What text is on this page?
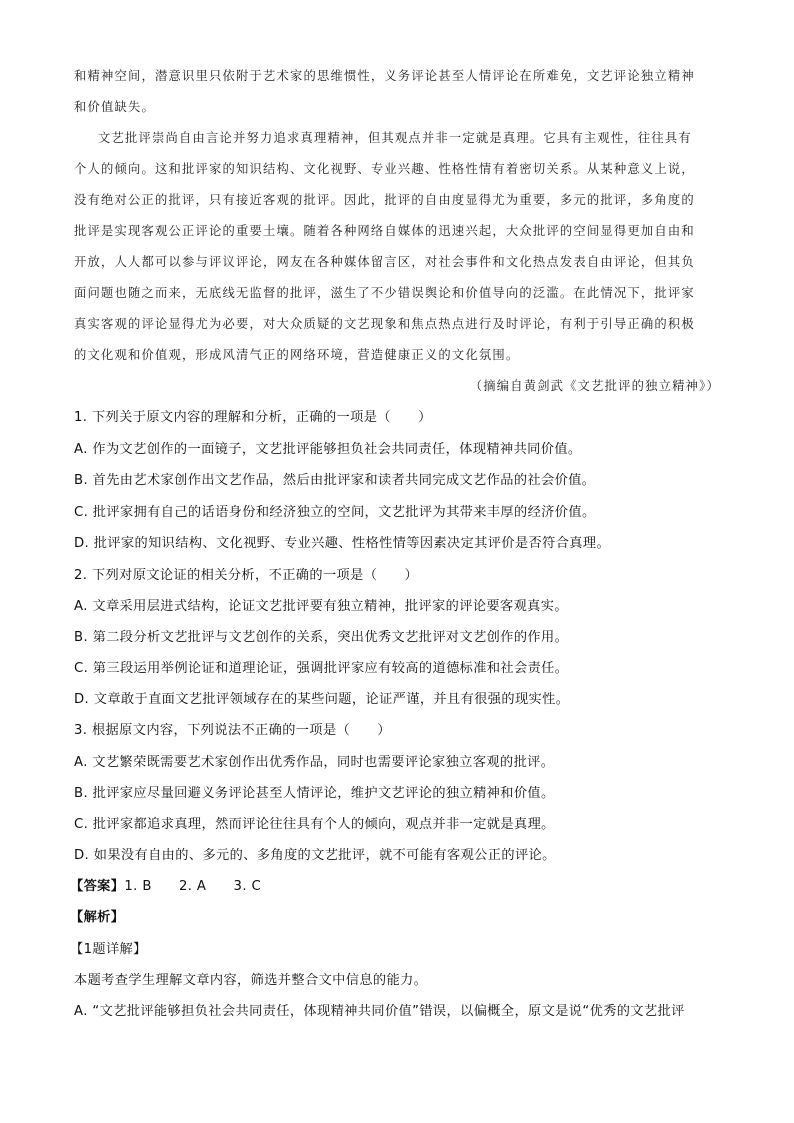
和精神空间，潜意识里只依附于艺术家的思维惯性，义务评论甚至人情评论在所难免，文艺评论独立精神
和价值缺失。
文艺批评崇尚自由言论并努力追求真理精神，但其观点并非一定就是真理。它具有主观性，往往具有
个人的倾向。这和批评家的知识结构、文化视野、专业兴趣、性格性情有着密切关系。从某种意义上说，
没有绝对公正的批评，只有接近客观的批评。因此，批评的自由度显得尤为重要，多元的批评，多角度的
批评是实现客观公正评论的重要土壤。随着各种网络自媒体的迅速兴起，大众批评的空间显得更加自由和
开放，人人都可以参与评议评论，网友在各种媒体留言区，对社会事件和文化热点发表自由评论，但其负
面问题也随之而来，无底线无监督的批评，滋生了不少错误舆论和价值导向的泛滥。在此情况下，批评家
真实客观的评论显得尤为必要，对大众质疑的文艺现象和焦点热点进行及时评论，有利于引导正确的积极
的文化观和价值观，形成风清气正的网络环境，营造健康正义的文化氛围。
（摘编自黄剑武《文艺批评的独立精神》）
1. 下列关于原文内容的理解和分析，正确的一项是（　　）
A. 作为文艺创作的一面镜子，文艺批评能够担负社会共同责任，体现精神共同价值。
B. 首先由艺术家创作出文艺作品，然后由批评家和读者共同完成文艺作品的社会价值。
C. 批评家拥有自己的话语身份和经济独立的空间，文艺批评为其带来丰厚的经济价值。
D. 批评家的知识结构、文化视野、专业兴趣、性格性情等因素决定其评价是否符合真理。
2. 下列对原文论证的相关分析，不正确的一项是（　　）
A. 文章采用层进式结构，论证文艺批评要有独立精神，批评家的评论要客观真实。
B. 第二段分析文艺批评与文艺创作的关系，突出优秀文艺批评对文艺创作的作用。
C. 第三段运用举例论证和道理论证，强调批评家应有较高的道德标准和社会责任。
D. 文章敢于直面文艺批评领域存在的某些问题，论证严谨，并且有很强的现实性。
3. 根据原文内容，下列说法不正确的一项是（　　）
A. 文艺繁荣既需要艺术家创作出优秀作品，同时也需要评论家独立客观的批评。
B. 批评家应尽量回避义务评论甚至人情评论，维护文艺评论的独立精神和价值。
C. 批评家都追求真理，然而评论往往具有个人的倾向，观点并非一定就是真理。
D. 如果没有自由的、多元的、多角度的文艺批评，就不可能有客观公正的评论。
【答案】1. B　　2. A　　3. C
【解析】
【1题详解】
本题考查学生理解文章内容，筛选并整合文中信息的能力。
A. “文艺批评能够担负社会共同责任，体现精神共同价值”错误，以偏概全，原文是说“优秀的文艺批评
